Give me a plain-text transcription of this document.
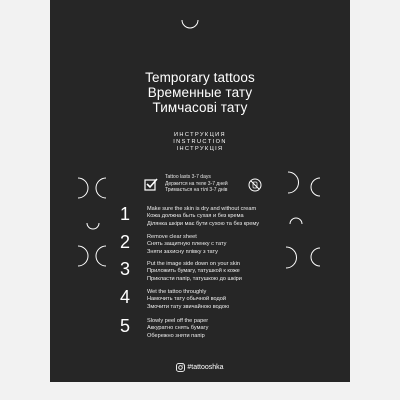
Temporary tattoos
Временные тату
Тимчасові тату
ИНСТРУКЦИЯ
INSTRUCTION
ІНСТРУКЦІЯ
Tattoo lasts 3-7 days
Держится на теле 3-7 дней
Тримається на тілі 3-7 днів
1	Make sure the skin is dry and without cream
Кожа должна быть сухая и без крема
Ділянка шкіри має бути сухою та без крему
2	Remove clear sheet
Снять защитную пленку с тату
Зняти захисну плівку з тату
3	Put the image side down on your skin
Приложить бумагу, татушкой к коже
Прикласти папір, татушкою до шкіри
4	Wet the tattoo throughly
Намочить тату обычной водой
Змочити тату звичайною водою
5	Slowly peel off the paper
Аккуратно снять бумагу
Обережно зняти папір
#tattooshka
